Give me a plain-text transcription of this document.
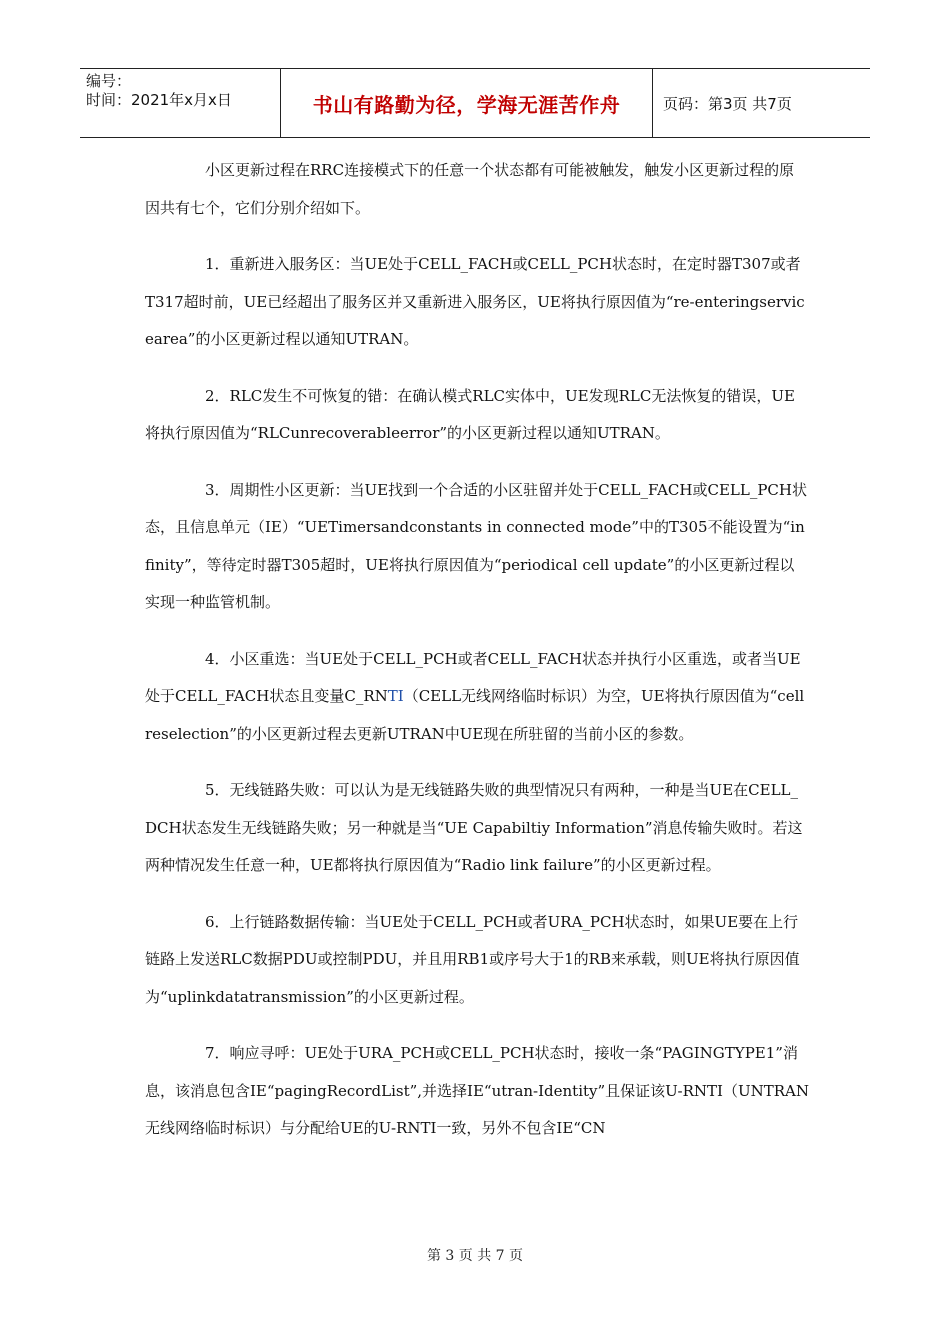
编号：
时间：2021年x月x日	书山有路勤为径，学海无涯苦作舟	页码：第3页 共7页

小区更新过程在RRC连接模式下的任意一个状态都有可能被触发，触发小区更新过程的原因共有七个，它们分别介绍如下。

1．重新进入服务区：当UE处于CELL_FACH或CELL_PCH状态时，在定时器T307或者T317超时前，UE已经超出了服务区并又重新进入服务区，UE将执行原因值为“re-enteringservicearea”的小区更新过程以通知UTRAN。

2．RLC发生不可恢复的错：在确认模式RLC实体中，UE发现RLC无法恢复的错误，UE将执行原因值为“RLCunrecoverableerror”的小区更新过程以通知UTRAN。

3．周期性小区更新：当UE找到一个合适的小区驻留并处于CELL_FACH或CELL_PCH状态，且信息单元（IE）“UETimersandconstants in connected mode”中的T305不能设置为“infinity”，等待定时器T305超时，UE将执行原因值为“periodical cell update”的小区更新过程以实现一种监管机制。

4．小区重选：当UE处于CELL_PCH或者CELL_FACH状态并执行小区重选，或者当UE处于CELL_FACH状态且变量C_RNTI（CELL无线网络临时标识）为空，UE将执行原因值为“cellreselection”的小区更新过程去更新UTRAN中UE现在所驻留的当前小区的参数。

5．无线链路失败：可以认为是无线链路失败的典型情况只有两种，一种是当UE在CELL_DCH状态发生无线链路失败；另一种就是当“UE Capabiltiy Information”消息传输失败时。若这两种情况发生任意一种，UE都将执行原因值为“Radio link failure”的小区更新过程。

6．上行链路数据传输：当UE处于CELL_PCH或者URA_PCH状态时，如果UE要在上行链路上发送RLC数据PDU或控制PDU，并且用RB1或序号大于1的RB来承载，则UE将执行原因值为“uplinkdatatransmission”的小区更新过程。

7．响应寻呼：UE处于URA_PCH或CELL_PCH状态时，接收一条“PAGINGTYPE1”消息，该消息包含IE“pagingRecordList”,并选择IE“utran-Identity”且保证该U-RNTI（UNTRAN无线网络临时标识）与分配给UE的U-RNTI一致，另外不包含IE“CN

第 3 页 共 7 页
